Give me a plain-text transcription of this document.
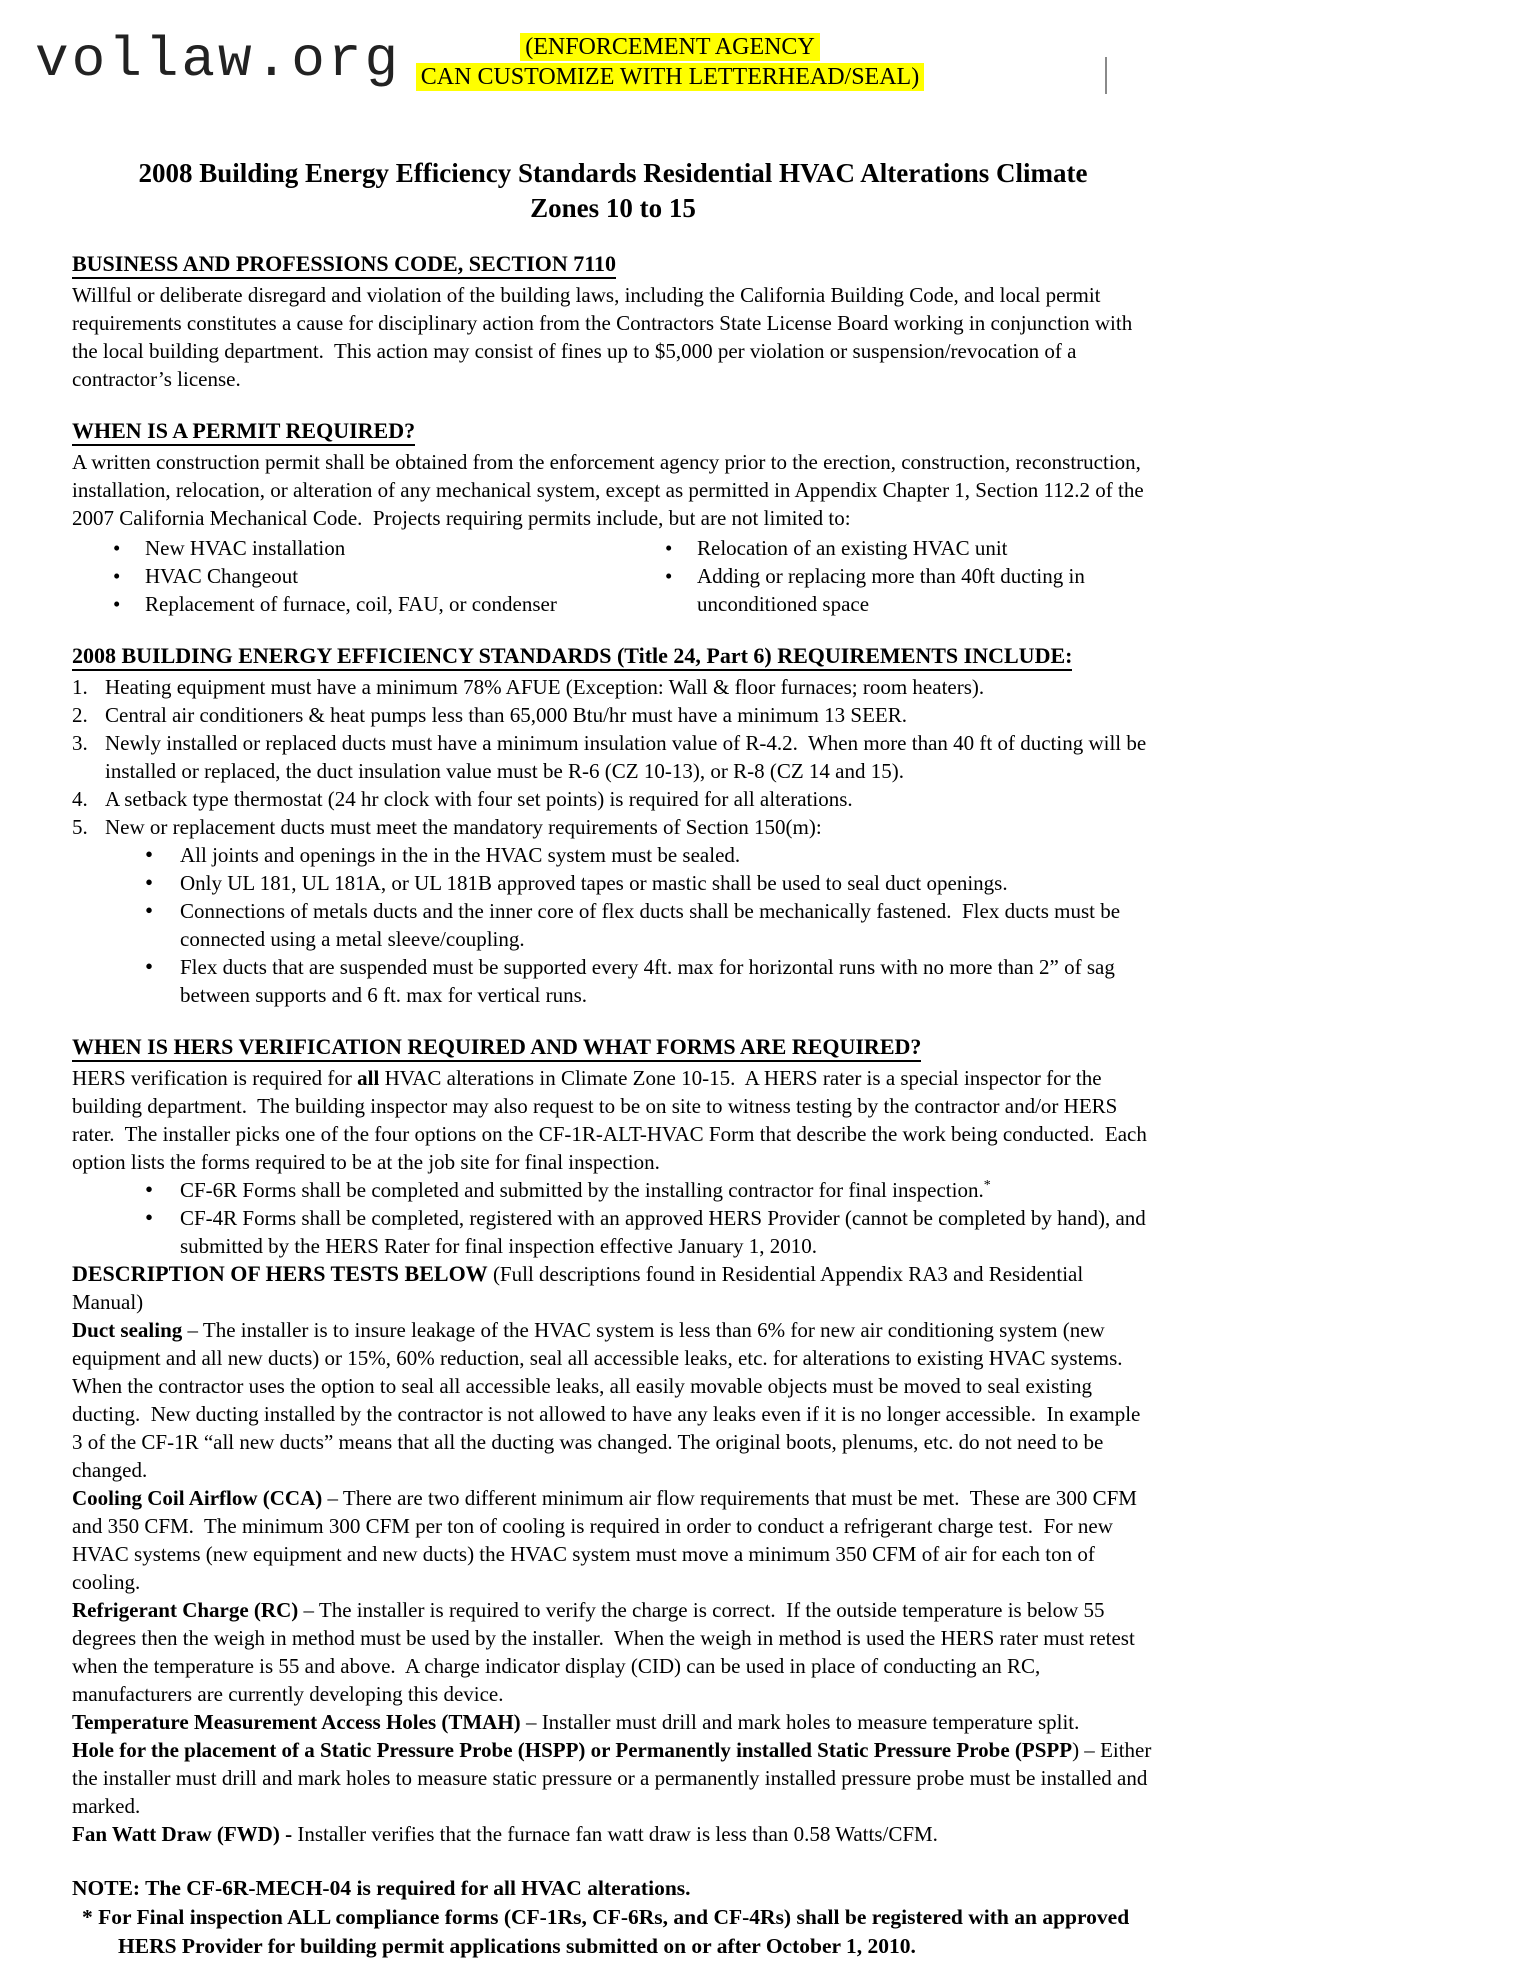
vollaw.org	(ENFORCEMENT AGENCY
CAN CUSTOMIZE WITH LETTERHEAD/SEAL)
2008 Building Energy Efficiency Standards Residential HVAC Alterations Climate
Zones 10 to 15
BUSINESS AND PROFESSIONS CODE, SECTION 7110

Willful or deliberate disregard and violation of the building laws, including the California Building Code, and local permit requirements constitutes a cause for disciplinary action from the Contractors State License Board working in conjunction with the local building department.  This action may consist of fines up to $5,000 per violation or suspension/revocation of a contractor’s license.

WHEN IS A PERMIT REQUIRED?

A written construction permit shall be obtained from the enforcement agency prior to the erection, construction, reconstruction, installation, relocation, or alteration of any mechanical system, except as permitted in Appendix Chapter 1, Section 112.2 of the 2007 California Mechanical Code.  Projects requiring permits include, but are not limited to:

• New HVAC installation
• HVAC Changeout
• Replacement of furnace, coil, FAU, or condenser
• Relocation of an existing HVAC unit
• Adding or replacing more than 40ft ducting in unconditioned space
2008 BUILDING ENERGY EFFICIENCY STANDARDS (Title 24, Part 6) REQUIREMENTS INCLUDE:
Heating equipment must have a minimum 78% AFUE (Exception: Wall & floor furnaces; room heaters).
Central air conditioners & heat pumps less than 65,000 Btu/hr must have a minimum 13 SEER.
Newly installed or replaced ducts must have a minimum insulation value of R-4.2.  When more than 40 ft of ducting will be installed or replaced, the duct insulation value must be R-6 (CZ 10-13), or R-8 (CZ 14 and 15).
A setback type thermostat (24 hr clock with four set points) is required for all alterations.
New or replacement ducts must meet the mandatory requirements of Section 150(m):
• All joints and openings in the in the HVAC system must be sealed.
• Only UL 181, UL 181A, or UL 181B approved tapes or mastic shall be used to seal duct openings.
• Connections of metals ducts and the inner core of flex ducts shall be mechanically fastened.  Flex ducts must be connected using a metal sleeve/coupling.
• Flex ducts that are suspended must be supported every 4ft. max for horizontal runs with no more than 2” of sag between supports and 6 ft. max for vertical runs.
WHEN IS HERS VERIFICATION REQUIRED AND WHAT FORMS ARE REQUIRED?

HERS verification is required for all HVAC alterations in Climate Zone 10-15.  A HERS rater is a special inspector for the building department.  The building inspector may also request to be on site to witness testing by the contractor and/or HERS rater.  The installer picks one of the four options on the CF-1R-ALT-HVAC Form that describe the work being conducted.  Each option lists the forms required to be at the job site for final inspection.

• CF-6R Forms shall be completed and submitted by the installing contractor for final inspection.*
• CF-4R Forms shall be completed, registered with an approved HERS Provider (cannot be completed by hand), and submitted by the HERS Rater for final inspection effective January 1, 2010.

DESCRIPTION OF HERS TESTS BELOW (Full descriptions found in Residential Appendix RA3 and Residential Manual)

Duct sealing – The installer is to insure leakage of the HVAC system is less than 6% for new air conditioning system (new equipment and all new ducts) or 15%, 60% reduction, seal all accessible leaks, etc. for alterations to existing HVAC systems.  When the contractor uses the option to seal all accessible leaks, all easily movable objects must be moved to seal existing ducting.  New ducting installed by the contractor is not allowed to have any leaks even if it is no longer accessible.  In example 3 of the CF-1R “all new ducts” means that all the ducting was changed. The original boots, plenums, etc. do not need to be changed.

Cooling Coil Airflow (CCA) – There are two different minimum air flow requirements that must be met.  These are 300 CFM and 350 CFM.  The minimum 300 CFM per ton of cooling is required in order to conduct a refrigerant charge test.  For new HVAC systems (new equipment and new ducts) the HVAC system must move a minimum 350 CFM of air for each ton of cooling.

Refrigerant Charge (RC) – The installer is required to verify the charge is correct.  If the outside temperature is below 55 degrees then the weigh in method must be used by the installer.  When the weigh in method is used the HERS rater must retest when the temperature is 55 and above.  A charge indicator display (CID) can be used in place of conducting an RC, manufacturers are currently developing this device.

Temperature Measurement Access Holes (TMAH) – Installer must drill and mark holes to measure temperature split.

Hole for the placement of a Static Pressure Probe (HSPP) or Permanently installed Static Pressure Probe (PSPP) – Either the installer must drill and mark holes to measure static pressure or a permanently installed pressure probe must be installed and marked.

Fan Watt Draw (FWD) - Installer verifies that the furnace fan watt draw is less than 0.58 Watts/CFM.

NOTE: The CF-6R-MECH-04 is required for all HVAC alterations.

* For Final inspection ALL compliance forms (CF-1Rs, CF-6Rs, and CF-4Rs) shall be registered with an approved HERS Provider for building permit applications submitted on or after October 1, 2010.
